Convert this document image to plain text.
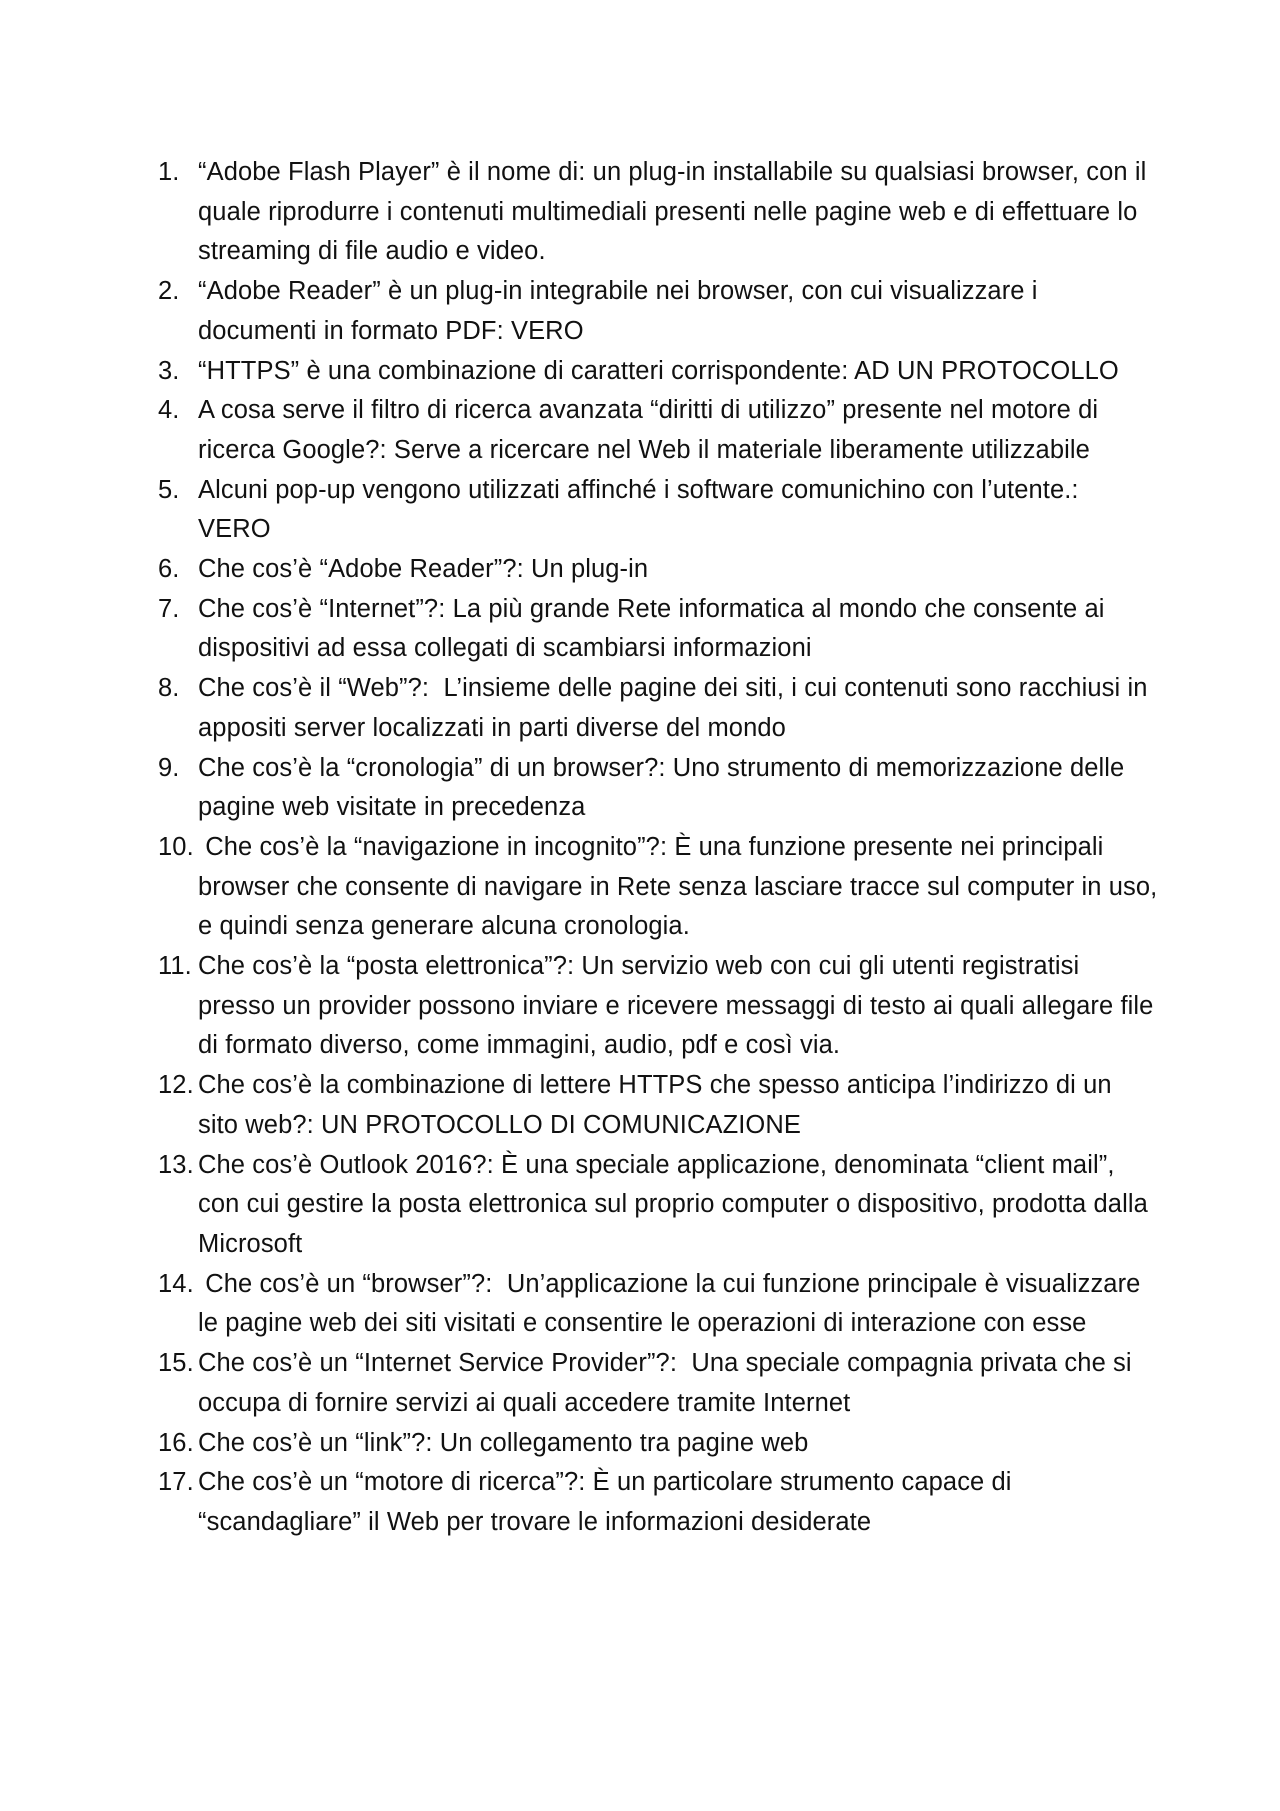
1. “Adobe Flash Player” è il nome di: un plug-in installabile su qualsiasi browser, con il quale riprodurre i contenuti multimediali presenti nelle pagine web e di effettuare lo streaming di file audio e video.
2. “Adobe Reader” è un plug-in integrabile nei browser, con cui visualizzare i documenti in formato PDF: VERO
3. “HTTPS” è una combinazione di caratteri corrispondente: AD UN PROTOCOLLO
4. A cosa serve il filtro di ricerca avanzata “diritti di utilizzo” presente nel motore di ricerca Google?: Serve a ricercare nel Web il materiale liberamente utilizzabile
5. Alcuni pop-up vengono utilizzati affinché i software comunichino con l’utente.: VERO
6. Che cos’è “Adobe Reader”?: Un plug-in
7. Che cos’è “Internet”?: La più grande Rete informatica al mondo che consente ai dispositivi ad essa collegati di scambiarsi informazioni
8. Che cos’è il “Web”?:  L’insieme delle pagine dei siti, i cui contenuti sono racchiusi in appositi server localizzati in parti diverse del mondo
9. Che cos’è la “cronologia” di un browser?: Uno strumento di memorizzazione delle pagine web visitate in precedenza
10. Che cos’è la “navigazione in incognito”?: È una funzione presente nei principali browser che consente di navigare in Rete senza lasciare tracce sul computer in uso, e quindi senza generare alcuna cronologia.
11. Che cos’è la “posta elettronica”?: Un servizio web con cui gli utenti registratisi presso un provider possono inviare e ricevere messaggi di testo ai quali allegare file di formato diverso, come immagini, audio, pdf e così via.
12. Che cos’è la combinazione di lettere HTTPS che spesso anticipa l’indirizzo di un sito web?: UN PROTOCOLLO DI COMUNICAZIONE
13. Che cos’è Outlook 2016?: È una speciale applicazione, denominata “client mail”, con cui gestire la posta elettronica sul proprio computer o dispositivo, prodotta dalla Microsoft
14. Che cos’è un “browser”?:  Un’applicazione la cui funzione principale è visualizzare le pagine web dei siti visitati e consentire le operazioni di interazione con esse
15. Che cos’è un “Internet Service Provider”?:  Una speciale compagnia privata che si occupa di fornire servizi ai quali accedere tramite Internet
16. Che cos’è un “link”?: Un collegamento tra pagine web
17. Che cos’è un “motore di ricerca”?: È un particolare strumento capace di “scandagliare” il Web per trovare le informazioni desiderate
